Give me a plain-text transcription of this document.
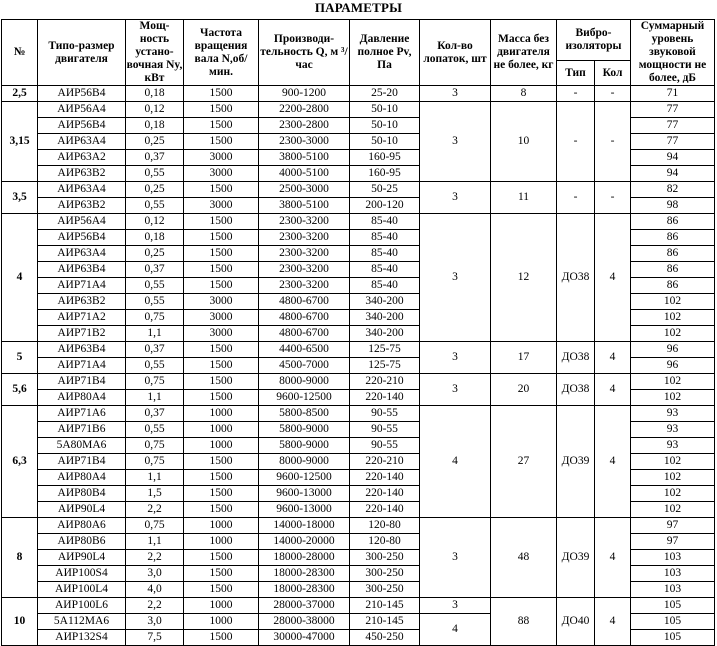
ПАРАМЕТРЫ
№	Типо-размер двигателя	Мощ-ность устано-вочная Ny, кВт	Частота вращения вала N,об/мин.	Производи-тельность Q, м ³/час	Давление полное Pv, Па	Кол-во лопаток, шт	Масса без двигателя не более, кг	Вибро-изоляторы		Суммарный уровень звуковой мощности не более, дБ
								Тип	Кол	
2,5	АИР56В4	0,18	1500	900-1200	25-20	3	8	-	-	71
3,15	АИР56А4	0,12	1500	2200-2800	50-10	3	10	-	-	77
	АИР56В4	0,18	1500	2300-2800	50-10					77
	АИР63А4	0,25	1500	2300-3000	50-10					77
	АИР63А2	0,37	3000	3800-5100	160-95					94
	АИР63В2	0,55	3000	4000-5100	160-95					94
3,5	АИР63А4	0,25	1500	2500-3000	50-25	3	11	-	-	82
	АИР63В2	0,55	3000	3800-5100	200-120					98
4	АИР56А4	0,12	1500	2300-3200	85-40	3	12	ДО38	4	86
	АИР56В4	0,18	1500	2300-3200	85-40					86
	АИР63А4	0,25	1500	2300-3200	85-40					86
	АИР63В4	0,37	1500	2300-3200	85-40					86
	АИР71А4	0,55	1500	2300-3200	85-40					86
	АИР63В2	0,55	3000	4800-6700	340-200					102
	АИР71А2	0,75	3000	4800-6700	340-200					102
	АИР71В2	1,1	3000	4800-6700	340-200					102
5	АИР63В4	0,37	1500	4400-6500	125-75	3	17	ДО38	4	96
	АИР71А4	0,55	1500	4500-7000	125-75					96
5,6	АИР71В4	0,75	1500	8000-9000	220-210	3	20	ДО38	4	102
	АИР80А4	1,1	1500	9600-12500	220-140					102
6,3	АИР71А6	0,37	1000	5800-8500	90-55	4	27	ДО39	4	93
	АИР71В6	0,55	1000	5800-9000	90-55					93
	5А80МА6	0,75	1000	5800-9000	90-55					93
	АИР71В4	0,75	1500	8000-9000	220-210					102
	АИР80А4	1,1	1500	9600-12500	220-140					102
	АИР80В4	1,5	1500	9600-13000	220-140					102
	АИР90L4	2,2	1500	9600-13000	220-140					102
8	АИР80А6	0,75	1000	14000-18000	120-80	3	48	ДО39	4	97
	АИР80В6	1,1	1000	14000-20000	120-80					97
	АИР90L4	2,2	1500	18000-28000	300-250					103
	АИР100S4	3,0	1500	18000-28300	300-250					103
	АИР100L4	4,0	1500	18000-28300	300-250					103
10	АИР100L6	2,2	1000	28000-37000	210-145	3	88	ДО40	4	105
	5А112МА6	3,0	1000	28000-38000	210-145	4				105
	АИР132S4	7,5	1500	30000-47000	450-250					105
